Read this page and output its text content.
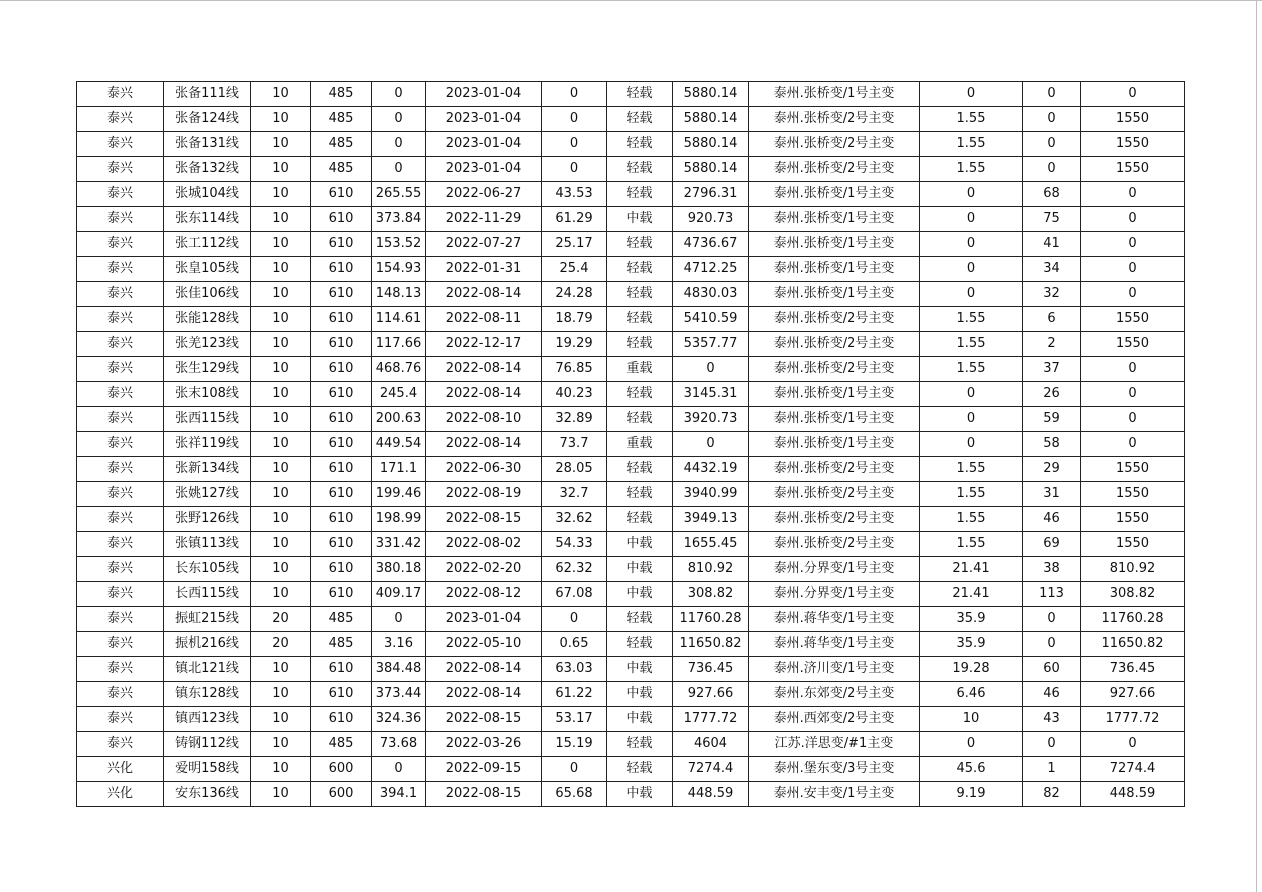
泰兴	张备111线	10	485	0	2023-01-04	0	轻载	5880.14	泰州.张桥变/1号主变	0	0	0
泰兴	张备124线	10	485	0	2023-01-04	0	轻载	5880.14	泰州.张桥变/2号主变	1.55	0	1550
泰兴	张备131线	10	485	0	2023-01-04	0	轻载	5880.14	泰州.张桥变/2号主变	1.55	0	1550
泰兴	张备132线	10	485	0	2023-01-04	0	轻载	5880.14	泰州.张桥变/2号主变	1.55	0	1550
泰兴	张城104线	10	610	265.55	2022-06-27	43.53	轻载	2796.31	泰州.张桥变/1号主变	0	68	0
泰兴	张东114线	10	610	373.84	2022-11-29	61.29	中载	920.73	泰州.张桥变/1号主变	0	75	0
泰兴	张工112线	10	610	153.52	2022-07-27	25.17	轻载	4736.67	泰州.张桥变/1号主变	0	41	0
泰兴	张皇105线	10	610	154.93	2022-01-31	25.4	轻载	4712.25	泰州.张桥变/1号主变	0	34	0
泰兴	张佳106线	10	610	148.13	2022-08-14	24.28	轻载	4830.03	泰州.张桥变/1号主变	0	32	0
泰兴	张能128线	10	610	114.61	2022-08-11	18.79	轻载	5410.59	泰州.张桥变/2号主变	1.55	6	1550
泰兴	张羌123线	10	610	117.66	2022-12-17	19.29	轻载	5357.77	泰州.张桥变/2号主变	1.55	2	1550
泰兴	张生129线	10	610	468.76	2022-08-14	76.85	重载	0	泰州.张桥变/2号主变	1.55	37	0
泰兴	张末108线	10	610	245.4	2022-08-14	40.23	轻载	3145.31	泰州.张桥变/1号主变	0	26	0
泰兴	张西115线	10	610	200.63	2022-08-10	32.89	轻载	3920.73	泰州.张桥变/1号主变	0	59	0
泰兴	张祥119线	10	610	449.54	2022-08-14	73.7	重载	0	泰州.张桥变/1号主变	0	58	0
泰兴	张新134线	10	610	171.1	2022-06-30	28.05	轻载	4432.19	泰州.张桥变/2号主变	1.55	29	1550
泰兴	张姚127线	10	610	199.46	2022-08-19	32.7	轻载	3940.99	泰州.张桥变/2号主变	1.55	31	1550
泰兴	张野126线	10	610	198.99	2022-08-15	32.62	轻载	3949.13	泰州.张桥变/2号主变	1.55	46	1550
泰兴	张镇113线	10	610	331.42	2022-08-02	54.33	中载	1655.45	泰州.张桥变/2号主变	1.55	69	1550
泰兴	长东105线	10	610	380.18	2022-02-20	62.32	中载	810.92	泰州.分界变/1号主变	21.41	38	810.92
泰兴	长西115线	10	610	409.17	2022-08-12	67.08	中载	308.82	泰州.分界变/1号主变	21.41	113	308.82
泰兴	振虹215线	20	485	0	2023-01-04	0	轻载	11760.28	泰州.蒋华变/1号主变	35.9	0	11760.28
泰兴	振机216线	20	485	3.16	2022-05-10	0.65	轻载	11650.82	泰州.蒋华变/1号主变	35.9	0	11650.82
泰兴	镇北121线	10	610	384.48	2022-08-14	63.03	中载	736.45	泰州.济川变/1号主变	19.28	60	736.45
泰兴	镇东128线	10	610	373.44	2022-08-14	61.22	中载	927.66	泰州.东郊变/2号主变	6.46	46	927.66
泰兴	镇西123线	10	610	324.36	2022-08-15	53.17	中载	1777.72	泰州.西郊变/2号主变	10	43	1777.72
泰兴	铸钢112线	10	485	73.68	2022-03-26	15.19	轻载	4604	江苏.洋思变/#1主变	0	0	0
兴化	爱明158线	10	600	0	2022-09-15	0	轻载	7274.4	泰州.堡东变/3号主变	45.6	1	7274.4
兴化	安东136线	10	600	394.1	2022-08-15	65.68	中载	448.59	泰州.安丰变/1号主变	9.19	82	448.59
